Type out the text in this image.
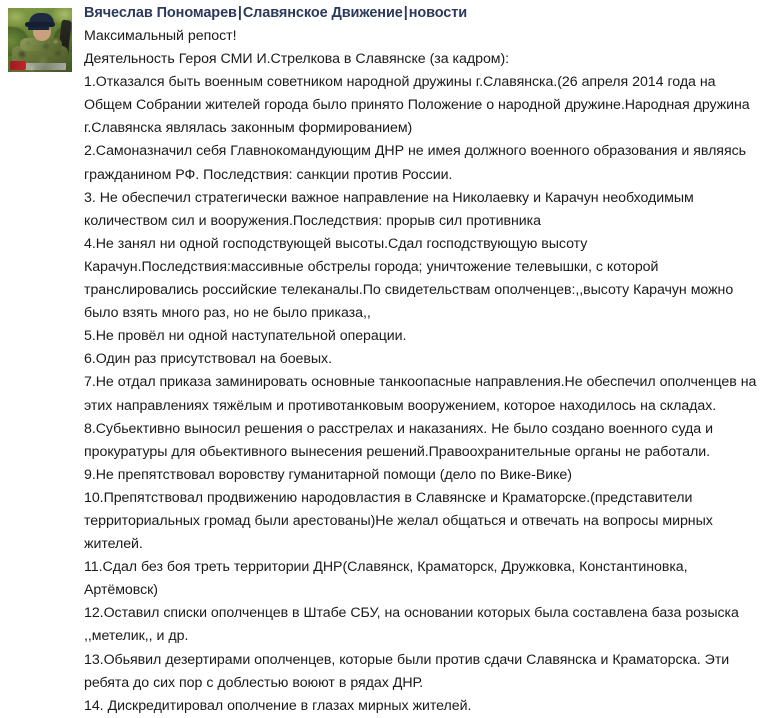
Вячеслав Пономарев|Славянское Движение|новости

Максимальный репост!

Деятельность Героя СМИ И.Стрелкова в Славянске (за кадром):

1.Отказался быть военным советником народной дружины г.Славянска.(26 апреля 2014 года на Общем Собрании жителей города было принято Положение о народной дружине.Народная дружина г.Славянска являлась законным формированием)

2.Самоназначил себя Главнокомандующим ДНР не имея должного военного образования и являясь гражданином РФ. Последствия: санкции против России.

3. Не обеспечил стратегически важное направление на Николаевку и Карачун необходимым количеством сил и вооружения.Последствия: прорыв сил противника

4.Не занял ни одной господствующей высоты.Сдал господствующую высоту Карачун.Последствия:массивные обстрелы города; уничтожение телевышки, с которой транслировались российские телеканалы.По свидетельствам ополченцев:,,высоту Карачун можно было взять много раз, но не было приказа,,

5.Не провёл ни одной наступательной операции.

6.Один раз присутствовал на боевых.

7.Не отдал приказа заминировать основные танкоопасные направления.Не обеспечил ополченцев на этих направлениях тяжёлым и противотанковым вооружением, которое находилось на складах.

8.Субьективно выносил решения о расстрелах и наказаниях. Не было создано военного суда и прокуратуры для обьективного вынесения решений.Правоохранительные органы не работали.

9.Не препятствовал воровству гуманитарной помощи (дело по Вике-Вике)

10.Препятствовал продвижению народовластия в Славянске и Краматорске.(представители территориальных громад были арестованы)Не желал общаться и отвечать на вопросы мирных жителей.

11.Сдал без боя треть территории ДНР(Славянск, Краматорск, Дружковка, Константиновка, Артёмовск)

12.Оставил списки ополченцев в Штабе СБУ, на основании которых была составлена база розыска ,,метелик,, и др.

13.Обьявил дезертирами ополченцев, которые были против сдачи Славянска и Краматорска. Эти ребята до сих пор с доблестью воюют в рядах ДНР.

14. Дискредитировал ополчение в глазах мирных жителей.
